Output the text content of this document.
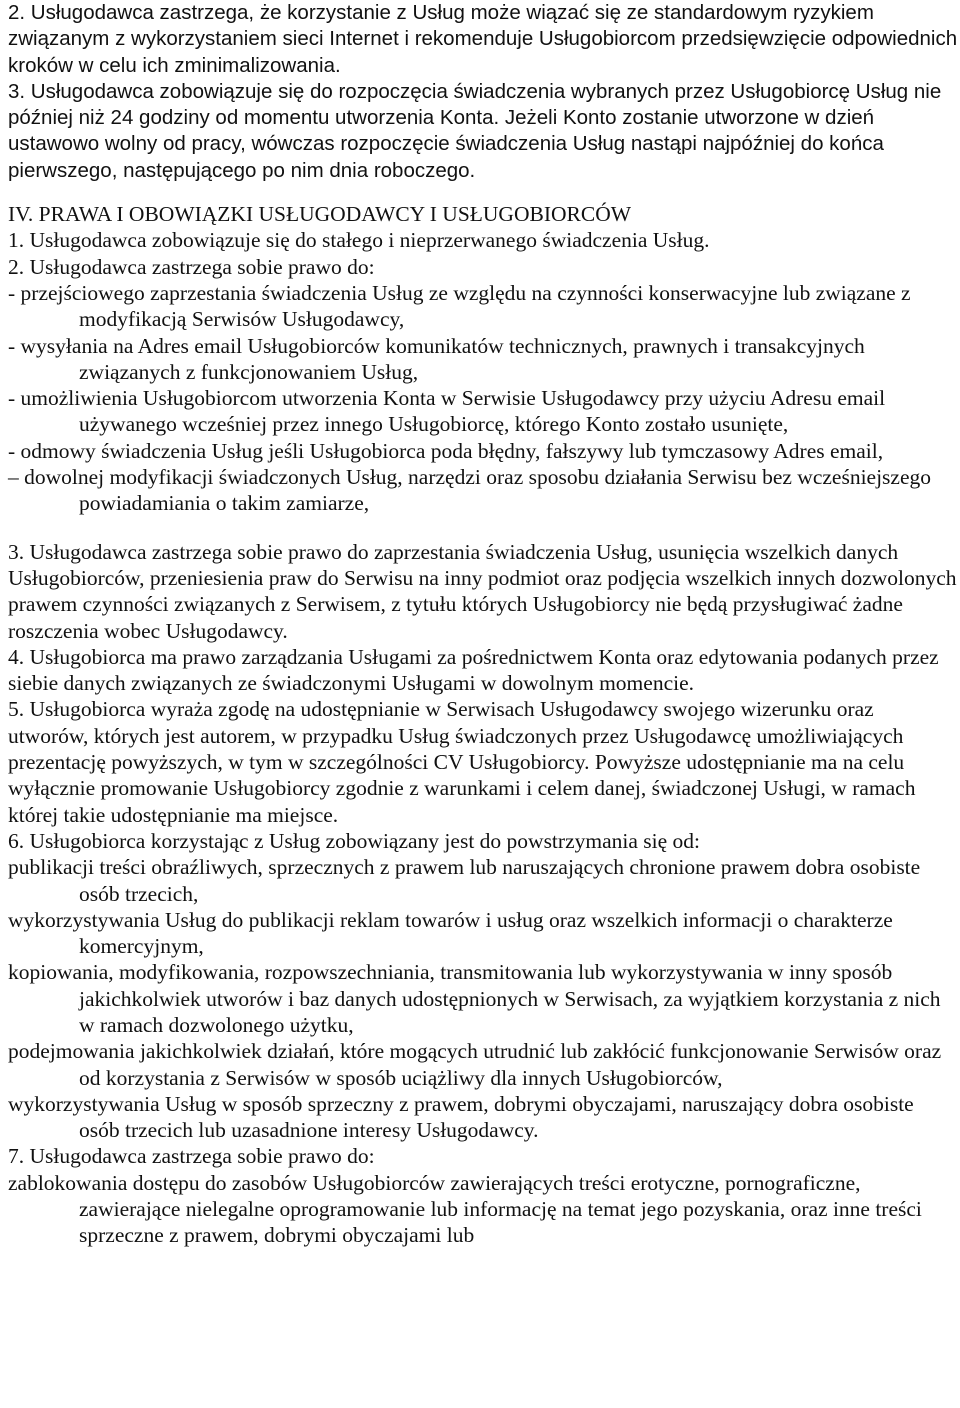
2. Usługodawca zastrzega, że korzystanie z Usług może wiązać się ze standardowym ryzykiem związanym z wykorzystaniem sieci Internet i rekomenduje Usługobiorcom przedsięwzięcie odpowiednich kroków w celu ich zminimalizowania.

3. Usługodawca zobowiązuje się do rozpoczęcia świadczenia wybranych przez Usługobiorcę Usług nie później niż 24 godziny od momentu utworzenia Konta. Jeżeli Konto zostanie utworzone w dzień ustawowo wolny od pracy, wówczas rozpoczęcie świadczenia Usług nastąpi najpóźniej do końca pierwszego, następującego po nim dnia roboczego.

IV. PRAWA I OBOWIĄZKI USŁUGODAWCY I USŁUGOBIORCÓW

1. Usługodawca zobowiązuje się do stałego i nieprzerwanego świadczenia Usług.

2. Usługodawca zastrzega sobie prawo do:

- przejściowego zaprzestania świadczenia Usług ze względu na czynności konserwacyjne lub związane z modyfikacją Serwisów Usługodawcy,

- wysyłania na Adres email Usługobiorców komunikatów technicznych, prawnych i transakcyjnych związanych z funkcjonowaniem Usług,

- umożliwienia Usługobiorcom utworzenia Konta w Serwisie Usługodawcy przy użyciu Adresu email używanego wcześniej przez innego Usługobiorcę, którego Konto zostało usunięte,

- odmowy świadczenia Usług jeśli Usługobiorca poda błędny, fałszywy lub tymczasowy Adres email,

– dowolnej modyfikacji świadczonych Usług, narzędzi oraz sposobu działania Serwisu bez wcześniejszego powiadamiania o takim zamiarze,

3. Usługodawca zastrzega sobie prawo do zaprzestania świadczenia Usług, usunięcia wszelkich danych Usługobiorców, przeniesienia praw do Serwisu na inny podmiot oraz podjęcia wszelkich innych dozwolonych prawem czynności związanych z Serwisem, z tytułu których Usługobiorcy nie będą przysługiwać żadne roszczenia wobec Usługodawcy.

4. Usługobiorca ma prawo zarządzania Usługami za pośrednictwem Konta oraz edytowania podanych przez siebie danych związanych ze świadczonymi Usługami w dowolnym momencie.

5. Usługobiorca wyraża zgodę na udostępnianie w Serwisach Usługodawcy swojego wizerunku oraz utworów, których jest autorem, w przypadku Usług świadczonych przez Usługodawcę umożliwiających prezentację powyższych, w tym w szczególności CV Usługobiorcy. Powyższe udostępnianie ma na celu wyłącznie promowanie Usługobiorcy zgodnie z warunkami i celem danej, świadczonej Usługi, w ramach której takie udostępnianie ma miejsce.

6. Usługobiorca korzystając z Usług zobowiązany jest do powstrzymania się od:

publikacji treści obraźliwych, sprzecznych z prawem lub naruszających chronione prawem dobra osobiste osób trzecich,

wykorzystywania Usług do publikacji reklam towarów i usług oraz wszelkich informacji o charakterze komercyjnym,

kopiowania, modyfikowania, rozpowszechniania, transmitowania lub wykorzystywania w inny sposób jakichkolwiek utworów i baz danych udostępnionych w Serwisach, za wyjątkiem korzystania z nich w ramach dozwolonego użytku,

podejmowania jakichkolwiek działań, które mogących utrudnić lub zakłócić funkcjonowanie Serwisów oraz od korzystania z Serwisów w sposób uciążliwy dla innych Usługobiorców,

wykorzystywania Usług w sposób sprzeczny z prawem, dobrymi obyczajami, naruszający dobra osobiste osób trzecich lub uzasadnione interesy Usługodawcy.

7. Usługodawca zastrzega sobie prawo do:

zablokowania dostępu do zasobów Usługobiorców zawierających treści erotyczne, pornograficzne, zawierające nielegalne oprogramowanie lub informację na temat jego pozyskania, oraz inne treści sprzeczne z prawem, dobrymi obyczajami lub
